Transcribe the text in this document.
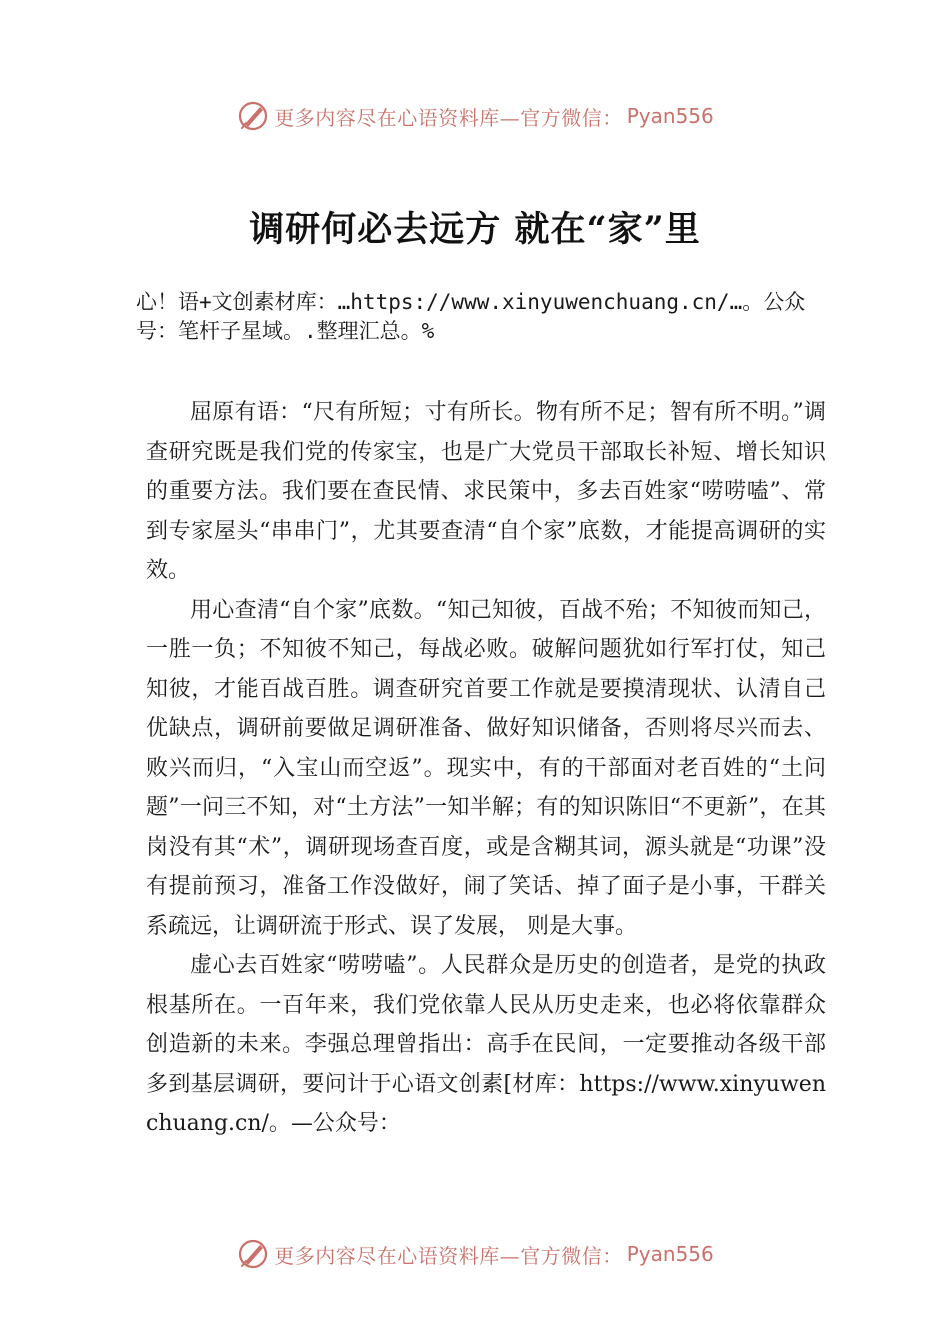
更多内容尽在心语资料库—官方微信： Pyan556
调研何必去远方 就在“家”里

心！语+文创素材库：…https://www.xinyuwenchuang.cn/…。公众号：笔杆子星域。.整理汇总。%

屈原有语：“尺有所短；寸有所长。物有所不足；智有所不明。”调查研究既是我们党的传家宝，也是广大党员干部取长补短、增长知识的重要方法。我们要在查民情、求民策中，多去百姓家“唠唠嗑”、常到专家屋头“串串门”，尤其要查清“自个家”底数，才能提高调研的实效。

用心查清“自个家”底数。“知己知彼，百战不殆；不知彼而知己，一胜一负；不知彼不知己，每战必败。破解问题犹如行军打仗，知己知彼，才能百战百胜。调查研究首要工作就是要摸清现状、认清自己优缺点，调研前要做足调研准备、做好知识储备，否则将尽兴而去、败兴而归，“入宝山而空返”。现实中，有的干部面对老百姓的“土问题”一问三不知，对“土方法”一知半解；有的知识陈旧“不更新”，在其岗没有其“术”，调研现场查百度，或是含糊其词，源头就是“功课”没有提前预习，准备工作没做好，闹了笑话、掉了面子是小事，干群关系疏远，让调研流于形式、误了发展， 则是大事。

虚心去百姓家“唠唠嗑”。人民群众是历史的创造者，是党的执政根基所在。一百年来，我们党依靠人民从历史走来，也必将依靠群众创造新的未来。李强总理曾指出：高手在民间，一定要推动各级干部多到基层调研，要问计于心语文创素[材库：https://www.xinyuwenchuang.cn/。—公众号：

更多内容尽在心语资料库—官方微信： Pyan556
